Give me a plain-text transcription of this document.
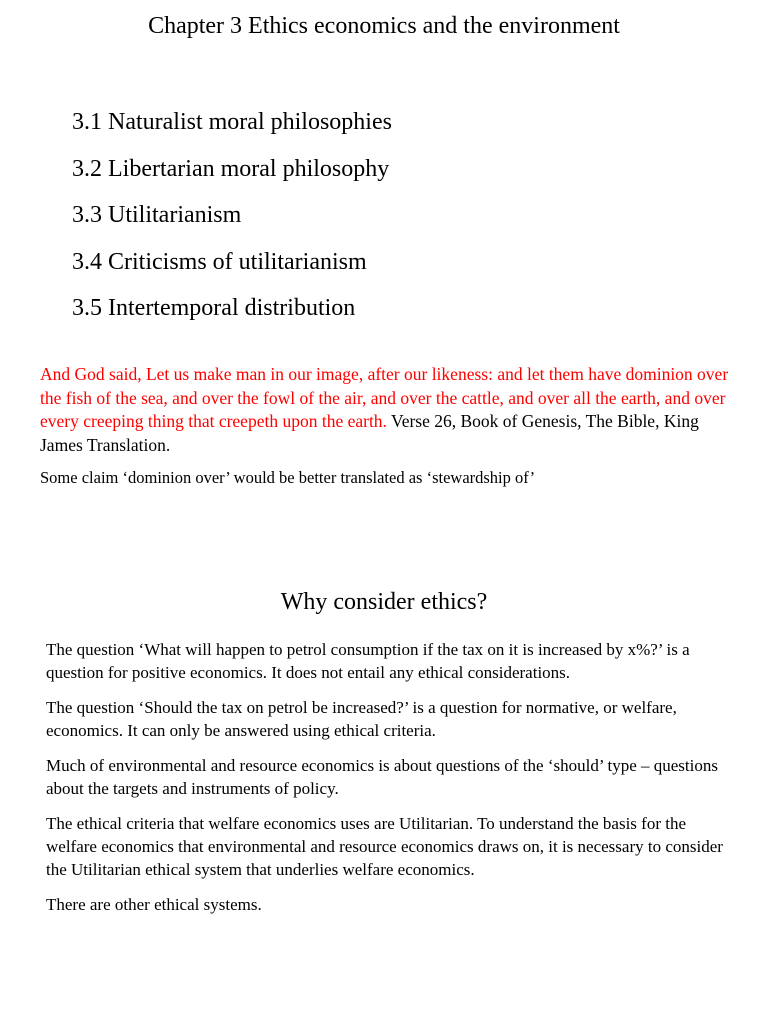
Chapter 3 Ethics economics and the environment
3.1 Naturalist moral philosophies
3.2 Libertarian moral philosophy
3.3 Utilitarianism
3.4 Criticisms of utilitarianism
3.5 Intertemporal distribution

And God said, Let us make man in our image, after our likeness: and let them have dominion over the fish of the sea, and over the fowl of the air, and over the cattle, and over all the earth, and over every creeping thing that creepeth upon the earth. Verse 26, Book of Genesis, The Bible, King James Translation.

Some claim ‘dominion over’ would be better translated as ‘stewardship of’

Why consider ethics?

The question ‘What will happen to petrol consumption if the tax on it is increased by x%?’ is a question for positive economics. It does not entail any ethical considerations.

The question ‘Should the tax on petrol be increased?’ is a question for normative, or welfare, economics. It can only be answered using ethical criteria.

Much of environmental and resource economics is about questions of the ‘should’ type – questions about the targets and instruments of policy.

The ethical criteria that welfare economics uses are Utilitarian. To understand the basis for the welfare economics that environmental and resource economics draws on, it is necessary to consider the Utilitarian ethical system that underlies welfare economics.

There are other ethical systems.
